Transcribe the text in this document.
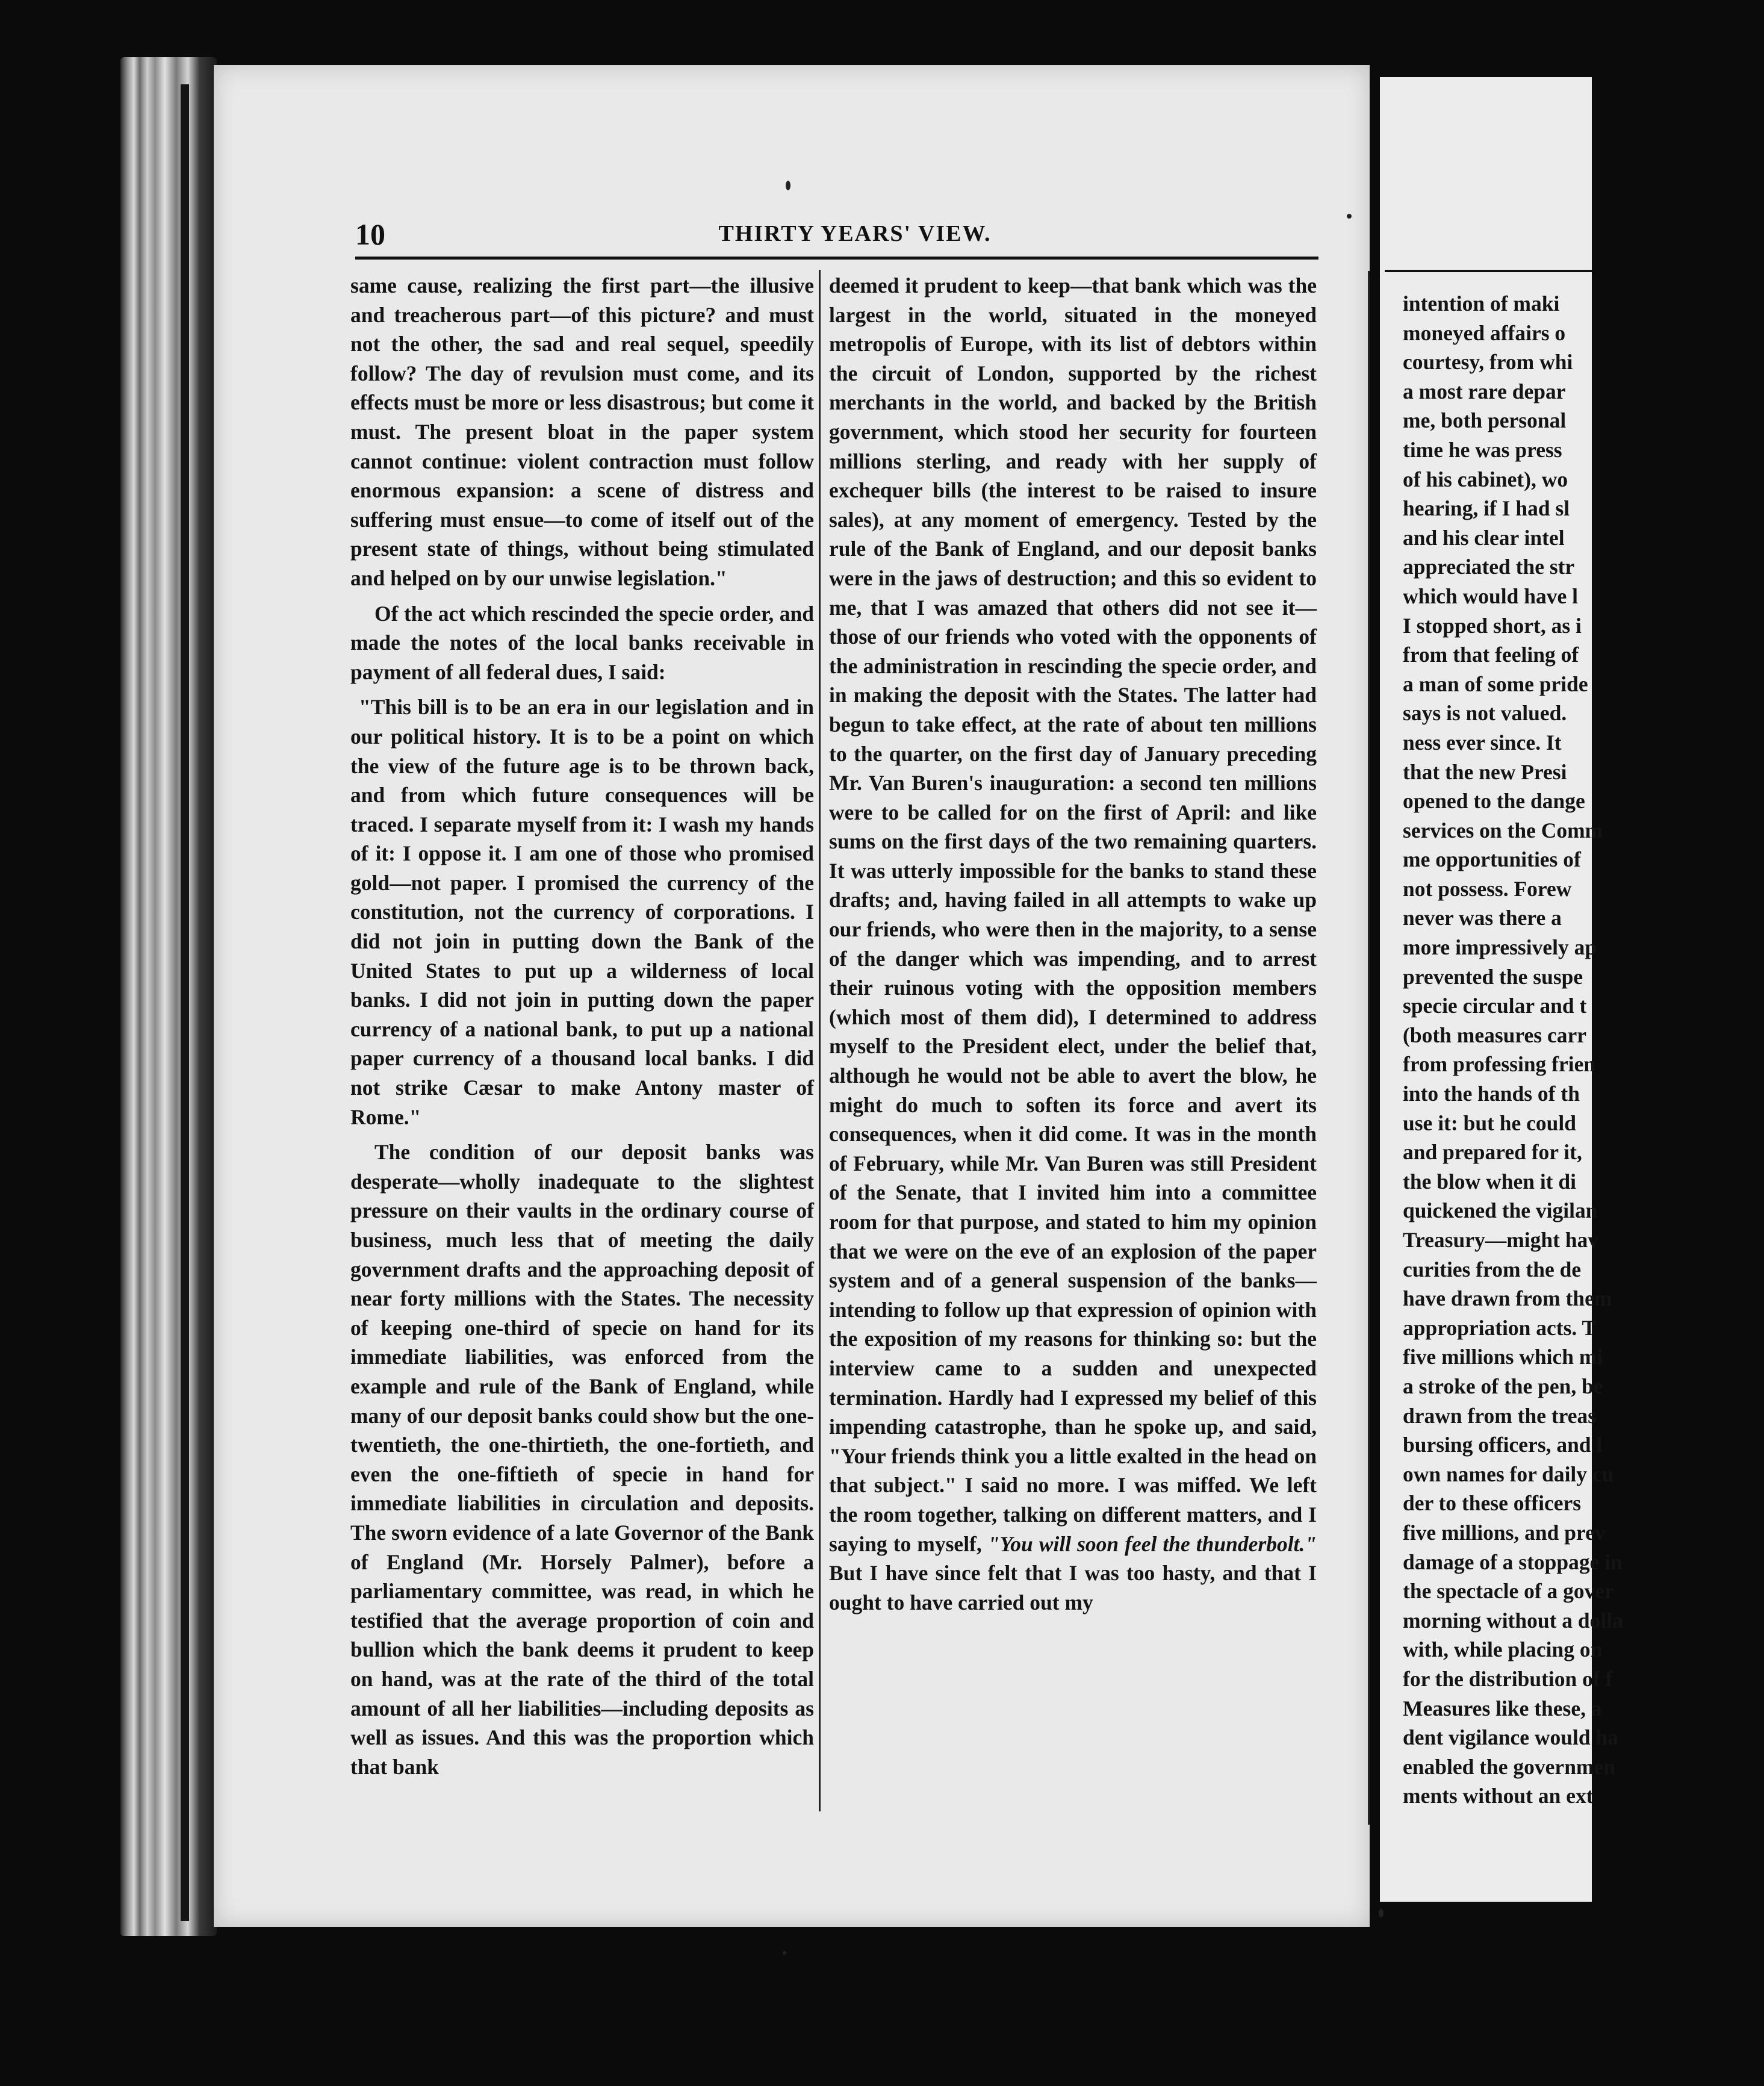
10	THIRTY YEARS' VIEW.

same cause, realizing the first part—the illusive and treacherous part—of this picture? and must not the other, the sad and real sequel, speedily follow? The day of revulsion must come, and its effects must be more or less disastrous; but come it must. The present bloat in the paper system cannot continue: violent contraction must follow enormous expansion: a scene of distress and suffering must ensue—to come of itself out of the present state of things, without being stimulated and helped on by our unwise legislation."

Of the act which rescinded the specie order, and made the notes of the local banks receivable in payment of all federal dues, I said:

"This bill is to be an era in our legislation and in our political history. It is to be a point on which the view of the future age is to be thrown back, and from which future consequences will be traced. I separate myself from it: I wash my hands of it: I oppose it. I am one of those who promised gold—not paper. I promised the currency of the constitution, not the currency of corporations. I did not join in putting down the Bank of the United States to put up a wilderness of local banks. I did not join in putting down the paper currency of a national bank, to put up a national paper currency of a thousand local banks. I did not strike Cæsar to make Antony master of Rome."

The condition of our deposit banks was desperate—wholly inadequate to the slightest pressure on their vaults in the ordinary course of business, much less that of meeting the daily government drafts and the approaching deposit of near forty millions with the States. The necessity of keeping one-third of specie on hand for its immediate liabilities, was enforced from the example and rule of the Bank of England, while many of our deposit banks could show but the one-twentieth, the one-thirtieth, the one-fortieth, and even the one-fiftieth of specie in hand for immediate liabilities in circulation and deposits. The sworn evidence of a late Governor of the Bank of England (Mr. Horsely Palmer), before a parliamentary committee, was read, in which he testified that the average proportion of coin and bullion which the bank deems it prudent to keep on hand, was at the rate of the third of the total amount of all her liabilities—including deposits as well as issues. And this was the proportion which that bank

deemed it prudent to keep—that bank which was the largest in the world, situated in the moneyed metropolis of Europe, with its list of debtors within the circuit of London, supported by the richest merchants in the world, and backed by the British government, which stood her security for fourteen millions sterling, and ready with her supply of exchequer bills (the interest to be raised to insure sales), at any moment of emergency. Tested by the rule of the Bank of England, and our deposit banks were in the jaws of destruction; and this so evident to me, that I was amazed that others did not see it—those of our friends who voted with the opponents of the administration in rescinding the specie order, and in making the deposit with the States. The latter had begun to take effect, at the rate of about ten millions to the quarter, on the first day of January preceding Mr. Van Buren's inauguration: a second ten millions were to be called for on the first of April: and like sums on the first days of the two remaining quarters. It was utterly impossible for the banks to stand these drafts; and, having failed in all attempts to wake up our friends, who were then in the majority, to a sense of the danger which was impending, and to arrest their ruinous voting with the opposition members (which most of them did), I determined to address myself to the President elect, under the belief that, although he would not be able to avert the blow, he might do much to soften its force and avert its consequences, when it did come. It was in the month of February, while Mr. Van Buren was still President of the Senate, that I invited him into a committee room for that purpose, and stated to him my opinion that we were on the eve of an explosion of the paper system and of a general suspension of the banks—intending to follow up that expression of opinion with the exposition of my reasons for thinking so: but the interview came to a sudden and unexpected termination. Hardly had I expressed my belief of this impending catastrophe, than he spoke up, and said, "Your friends think you a little exalted in the head on that subject." I said no more. I was miffed. We left the room together, talking on different matters, and I saying to myself, "You will soon feel the thunderbolt." But I have since felt that I was too hasty, and that I ought to have carried out my

intention of maki
moneyed affairs o
courtesy, from whi
a most rare depar
me, both personal
time he was press
of his cabinet), wo
hearing, if I had sl
and his clear intel
appreciated the str
which would have l
I stopped short, as i
from that feeling of
a man of some pride
says is not valued.
ness ever since. It
that the new Presi
opened to the dange
services on the Comm
me opportunities of
not possess. Forew
never was there a
more impressively ap
prevented the suspe
specie circular and t
(both measures carr
from professing frien
into the hands of th
use it: but he could
and prepared for it,
the blow when it di
quickened the vigilan
Treasury—might hav
curities from the de
have drawn from them
appropriation acts. T
five millions which mi
a stroke of the pen, be
drawn from the treas
bursing officers, and l
own names for daily cu
der to these officers
five millions, and prev
damage of a stoppage in
the spectacle of a gover
morning without a dolla
with, while placing on
for the distribution of f
Measures like these, a
dent vigilance would ha
enabled the governmen
ments without an ext
